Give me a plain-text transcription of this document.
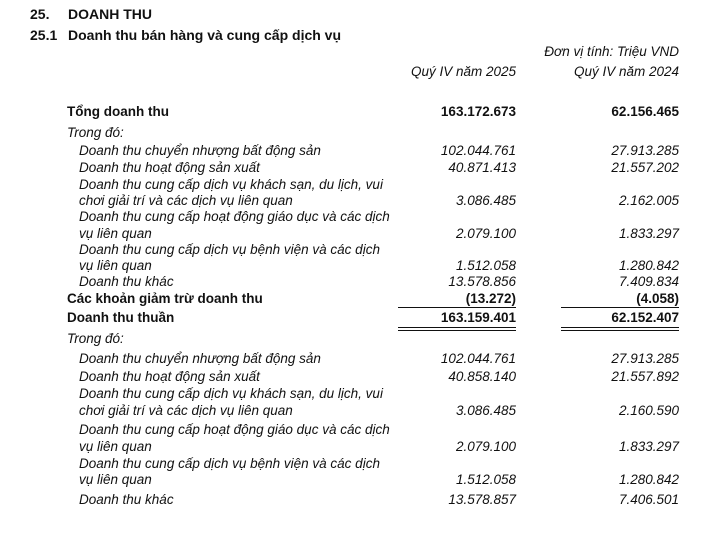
25. DOANH THU
25.1 Doanh thu bán hàng và cung cấp dịch vụ
Đơn vị tính: Triệu VND
Quý IV năm 2025	Quý IV năm 2024
Tổng doanh thu	163.172.673	62.156.465
Trong đó:
Doanh thu chuyển nhượng bất động sản	102.044.761	27.913.285
Doanh thu hoạt động sản xuất	40.871.413	21.557.202
Doanh thu cung cấp dịch vụ khách sạn, du lịch, vui
chơi giải trí và các dịch vụ liên quan	3.086.485	2.162.005
Doanh thu cung cấp hoạt động giáo dục và các dịch
vụ liên quan	2.079.100	1.833.297
Doanh thu cung cấp dịch vụ bệnh viện và các dịch
vụ liên quan	1.512.058	1.280.842
Doanh thu khác	13.578.856	7.409.834
Các khoản giảm trừ doanh thu	(13.272)	(4.058)
Doanh thu thuần	163.159.401	62.152.407
Trong đó:
Doanh thu chuyển nhượng bất động sản	102.044.761	27.913.285
Doanh thu hoạt động sản xuất	40.858.140	21.557.892
Doanh thu cung cấp dịch vụ khách sạn, du lịch, vui
chơi giải trí và các dịch vụ liên quan	3.086.485	2.160.590
Doanh thu cung cấp hoạt động giáo dục và các dịch
vụ liên quan	2.079.100	1.833.297
Doanh thu cung cấp dịch vụ bệnh viện và các dịch
vụ liên quan	1.512.058	1.280.842
Doanh thu khác	13.578.857	7.406.501
